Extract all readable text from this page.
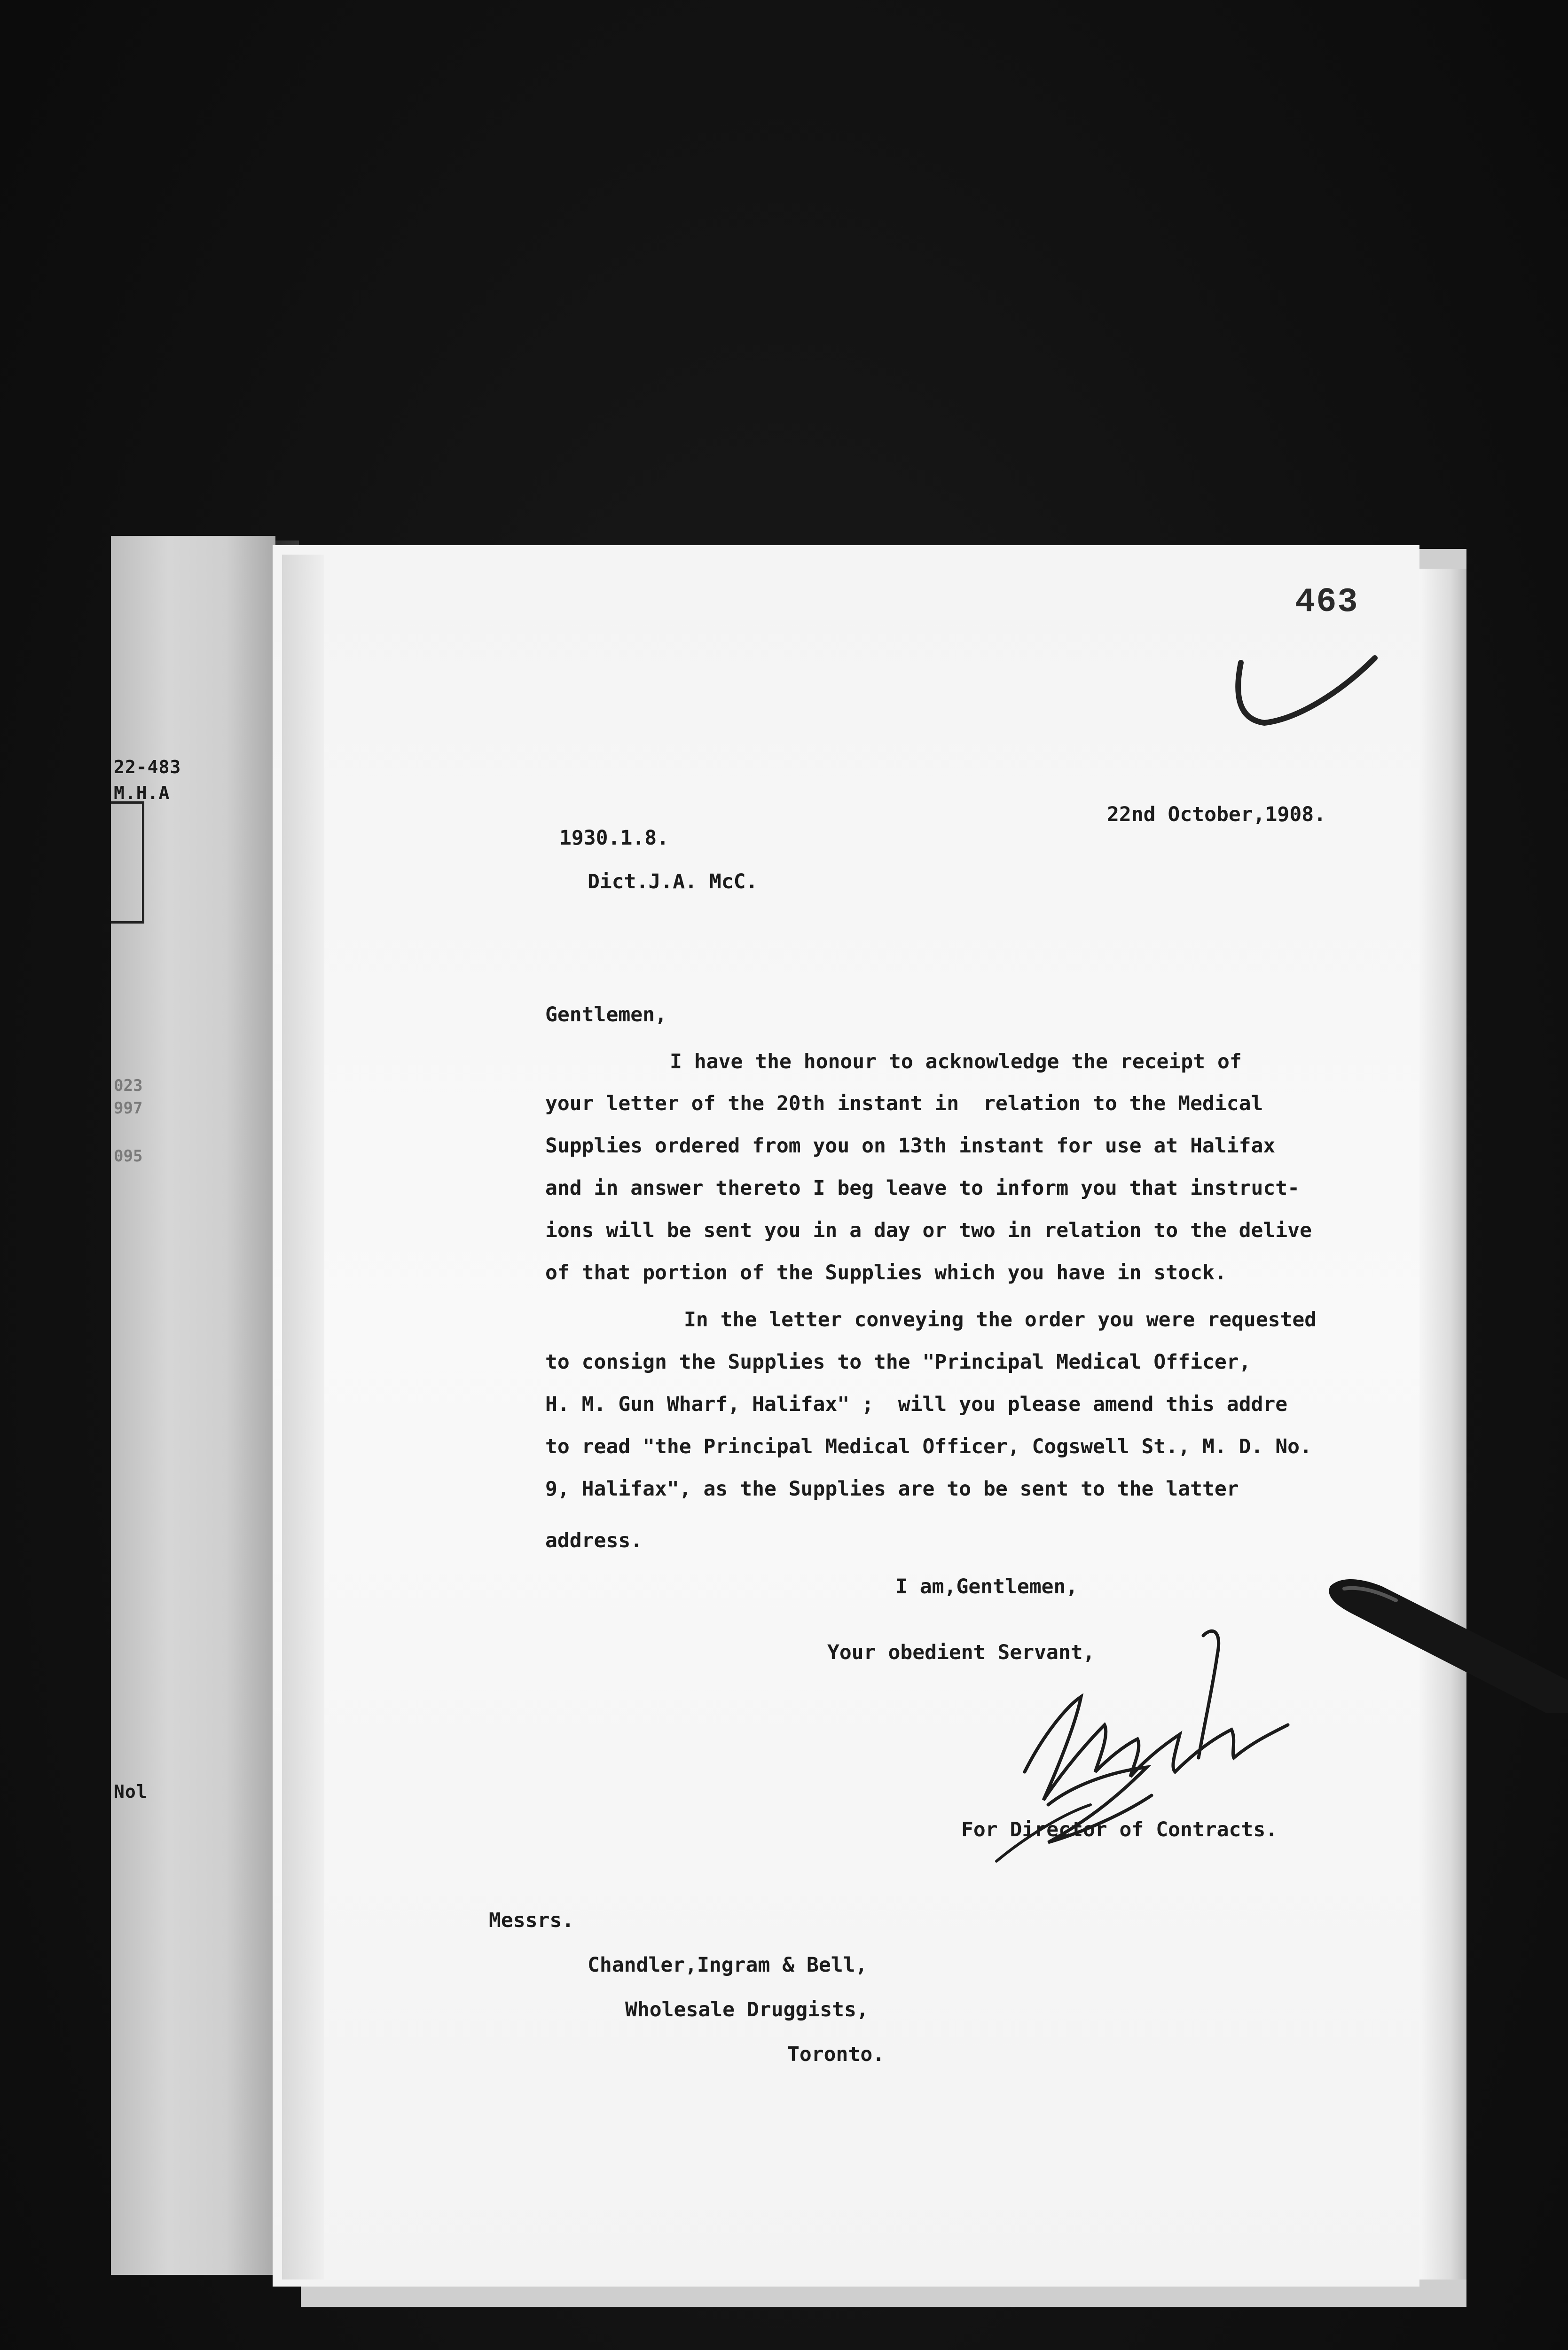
22-483
M.H.A
023
997
095
Nol
463
22nd October,1908.
1930.1.8.
Dict.J.A. McC.
Gentlemen,
I have the honour to acknowledge the receipt of
your letter of the 20th instant in  relation to the Medical
Supplies ordered from you on 13th instant for use at Halifax
and in answer thereto I beg leave to inform you that instruct-
ions will be sent you in a day or two in relation to the delive
of that portion of the Supplies which you have in stock.
In the letter conveying the order you were requested
to consign the Supplies to the "Principal Medical Officer,
H. M. Gun Wharf, Halifax" ;  will you please amend this addre
to read "the Principal Medical Officer, Cogswell St., M. D. No.
9, Halifax", as the Supplies are to be sent to the latter
address.
I am,Gentlemen,
Your obedient Servant,
For Director of Contracts.
Messrs.
Chandler,Ingram & Bell,
Wholesale Druggists,
Toronto.
